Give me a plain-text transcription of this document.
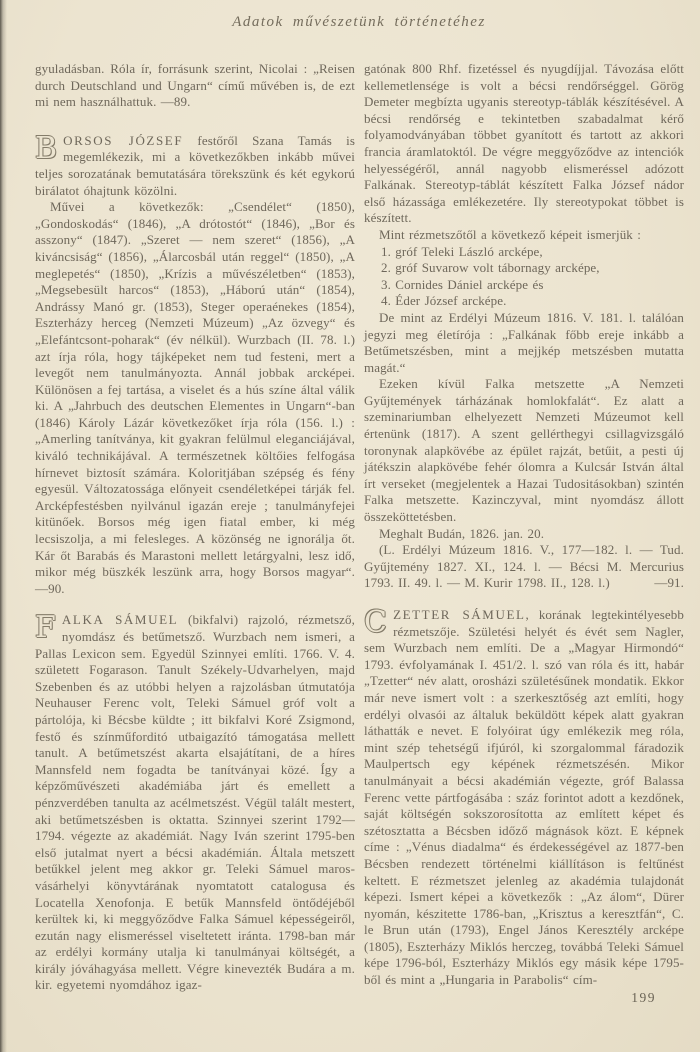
Adatok művészetünk történetéhez

gyuladásban. Róla ír, forrásunk szerint, Nicolai : „Reisen durch Deutschland und Ungarn“ című művében is, de ezt mi nem használhattuk. —89.

BORSOS JÓZSEF festőről Szana Tamás is megemlékezik, mi a következőkben inkább művei teljes sorozatának bemutatására törekszünk és két egykorú birálatot óhajtunk közölni.

Művei a következők: „Csendélet“ (1850), „Gondoskodás“ (1846), „A drótostót“ (1846), „Bor és asszony“ (1847). „Szeret — nem szeret“ (1856), „A kiváncsiság“ (1856), „Álarcosbál után reggel“ (1850), „A meglepetés“ (1850), „Krízis a művészéletben“ (1853), „Megsebesült harcos“ (1853), „Háború után“ (1854), Andrássy Manó gr. (1853), Steger operaénekes (1854), Eszterházy herceg (Nemzeti Múzeum) „Az özvegy“ és „Elefántcsont-poharak“ (év nélkül). Wurzbach (II. 78. l.) azt írja róla, hogy tájképeket nem tud festeni, mert a levegőt nem tanulmányozta. Annál jobbak arcképei. Különösen a fej tartása, a viselet és a hús színe által válik ki. A „Jahrbuch des deutschen Elementes in Ungarn“-ban (1846) Károly Lázár következőket írja róla (156. l.) : „Amerling tanítványa, kit gyakran felülmul eleganciájával, kiváló technikájával. A természetnek költőies felfogása hírnevet biztosít számára. Koloritjában szépség és fény egyesül. Változatossága előnyeit csendéletképei tárják fel. Arcképfestésben nyilvánul igazán ereje ; tanulmányfejei kitünőek. Borsos még igen fiatal ember, ki még lecsiszolja, a mi felesleges. A közönség ne ignorálja őt. Kár őt Barabás és Marastoni mellett letárgyalni, lesz idő, mikor még büszkék leszünk arra, hogy Borsos magyar“. —90.

FALKA SÁMUEL (bikfalvi) rajzoló, rézmetsző, nyomdász és betűmetsző. Wurzbach nem ismeri, a Pallas Lexicon sem. Egyedül Szinnyei említi. 1766. V. 4. született Fogarason. Tanult Székely-Udvarhelyen, majd Szebenben és az utóbbi helyen a rajzolásban útmutatója Neuhauser Ferenc volt, Teleki Sámuel gróf volt a pártolója, ki Bécsbe küldte ; itt bikfalvi Koré Zsigmond, festő és színműforditó utbaigazító támogatása mellett tanult. A betűmetszést akarta elsajátítani, de a híres Mannsfeld nem fogadta be tanítványai közé. Így a képzőművészeti akadémiába járt és emellett a pénzverdében tanulta az acélmetszést. Végül talált mestert, aki betűmetszésben is oktatta. Szinnyei szerint 1792—1794. végezte az akadémiát. Nagy Iván szerint 1795-ben első jutalmat nyert a bécsi akadémián. Általa metszett betűkkel jelent meg akkor gr. Teleki Sámuel maros-vásárhelyi könyvtárának nyomtatott catalogusa és Locatella Xenofonja. E betűk Mannsfeld öntődéjéből kerültek ki, ki meggyőződve Falka Sámuel képességeiről, ezután nagy elismeréssel viseltetett iránta. 1798-ban már az erdélyi kormány utalja ki tanulmányai költségét, a király jóváhagyása mellett. Végre kinevezték Budára a m. kir. egyetemi nyomdához igaz-

gatónak 800 Rhf. fizetéssel és nyugdíjjal. Távozása előtt kellemetlensége is volt a bécsi rendőrséggel. Görög Demeter megbízta ugyanis stereotyp-táblák készítésével. A bécsi rendőrség e tekintetben szabadalmat kérő folyamodványában többet gyanított és tartott az akkori francia áramlatoktól. De végre meggyőződve az intenciók helyességéről, annál nagyobb elismeréssel adózott Falkának. Stereotyp-táblát készített Falka József nádor első házassága emlékezetére. Ily stereotypokat többet is készített.

Mint rézmetszőtől a következő képeit ismerjük :

1. gróf Teleki László arcképe,

2. gróf Suvarow volt tábornagy arcképe,

3. Cornides Dániel arcképe és

4. Éder József arcképe.

De mint az Erdélyi Múzeum 1816. V. 181. l. találóan jegyzi meg életírója : „Falkának főbb ereje inkább a Betűmetszésben, mint a mejjkép metszésben mutatta magát.“

Ezeken kívül Falka metszette „A Nemzeti Gyűjtemények tárházának homlokfalát“. Ez alatt a szeminariumban elhelyezett Nemzeti Múzeumot kell értenünk (1817). A szent gellérthegyi csillagvizsgáló toronynak alapkövébe az épület rajzát, betűit, a pesti új játékszin alapkövébe fehér ólomra a Kulcsár István által írt verseket (megjelentek a Hazai Tudositásokban) szintén Falka metszette. Kazinczyval, mint nyomdász állott összeköttetésben.

Meghalt Budán, 1826. jan. 20.

(L. Erdélyi Múzeum 1816. V., 177—182. l. — Tud. Gyűjtemény 1827. XI., 124. l. — Bécsi M. Mercurius 1793. II. 49. l. — M. Kurir 1798. II., 128. l.)	—91.

CZETTER SÁMUEL, korának legtekintélyesebb rézmetszője. Születési helyét és évét sem Nagler, sem Wurzbach nem említi. De a „Magyar Hirmondó“ 1793. évfolyamának I. 451/2. l. szó van róla és itt, habár „Tzetter“ név alatt, orosházi születésűnek mondatik. Ekkor már neve ismert volt : a szerkesztőség azt említi, hogy erdélyi olvasói az általuk beküldött képek alatt gyakran láthatták e nevet. E folyóirat úgy emlékezik meg róla, mint szép tehetségű ifjúról, ki szorgalommal fáradozik Maulpertsch egy képének rézmetszésén. Mikor tanulmányait a bécsi akadémián végezte, gróf Balassa Ferenc vette pártfogásába : száz forintot adott a kezdőnek, saját költségén sokszorosította az említett képet és szétosztatta a Bécsben időző mágnások közt. E képnek címe : „Vénus diadalma“ és érdekességével az 1877-ben Bécsben rendezett történelmi kiállításon is feltűnést keltett. E rézmetszet jelenleg az akadémia tulajdonát képezi. Ismert képei a következők : „Az álom“, Dürer nyomán, készitette 1786-ban, „Krisztus a keresztfán“, C. le Brun után (1793), Engel János Keresztély arcképe (1805), Eszterházy Miklós herczeg, továbbá Teleki Sámuel képe 1796-ból, Eszterházy Miklós egy másik képe 1795-ből és mint a „Hungaria in Parabolis“ cím-

199
